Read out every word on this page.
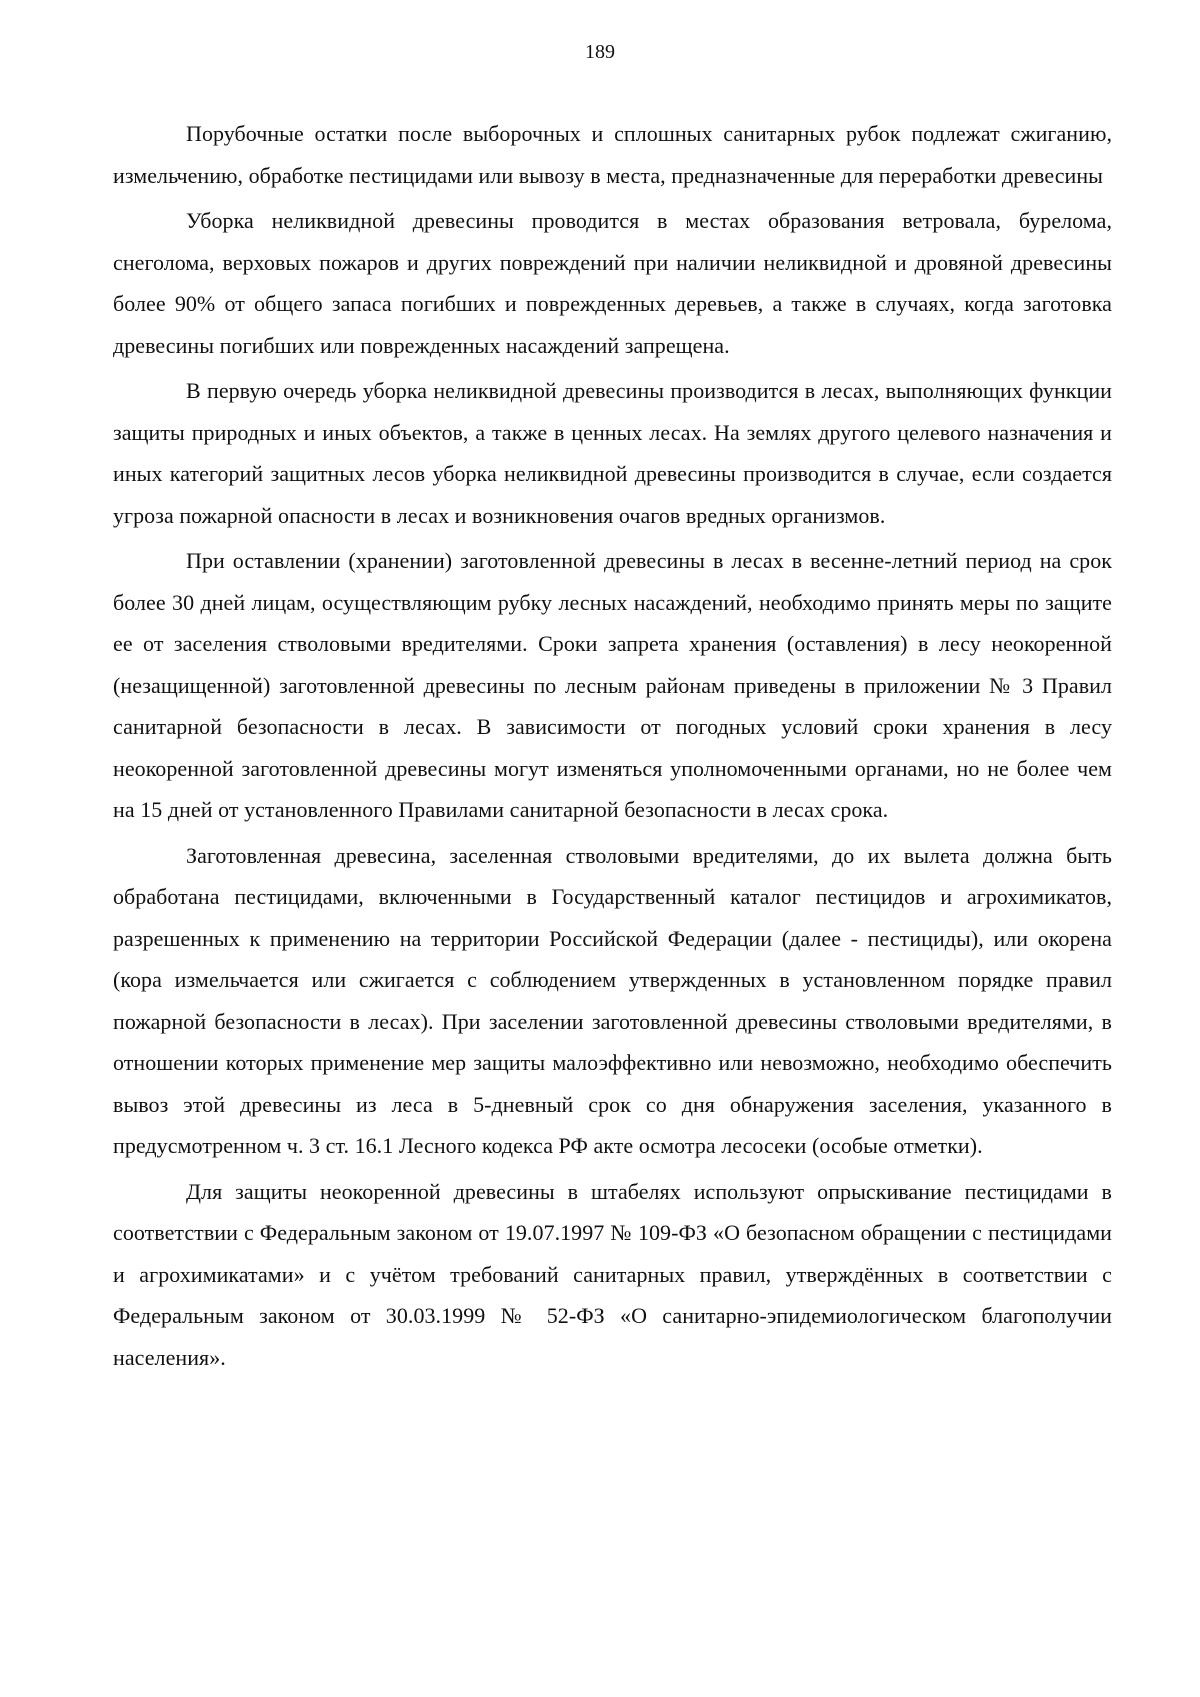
189

Порубочные остатки после выборочных и сплошных санитарных рубок подлежат сжиганию, измельчению, обработке пестицидами или вывозу в места, предназначенные для переработки древесины

Уборка неликвидной древесины проводится в местах образования ветровала, бурелома, снеголома, верховых пожаров и других повреждений при наличии неликвидной и дровяной древесины более 90% от общего запаса погибших и поврежденных деревьев, а также в случаях, когда заготовка древесины погибших или поврежденных насаждений запрещена.

В первую очередь уборка неликвидной древесины производится в лесах, выполняющих функции защиты природных и иных объектов, а также в ценных лесах. На землях другого целевого назначения и иных категорий защитных лесов уборка неликвидной древесины производится в случае, если создается угроза пожарной опасности в лесах и возникновения очагов вредных организмов.

При оставлении (хранении) заготовленной древесины в лесах в весенне-летний период на срок более 30 дней лицам, осуществляющим рубку лесных насаждений, необходимо принять меры по защите ее от заселения стволовыми вредителями. Сроки запрета хранения (оставления) в лесу неокоренной (незащищенной) заготовленной древесины по лесным районам приведены в приложении № 3 Правил санитарной безопасности в лесах. В зависимости от погодных условий сроки хранения в лесу неокоренной заготовленной древесины могут изменяться уполномоченными органами, но не более чем на 15 дней от установленного Правилами санитарной безопасности в лесах срока.

Заготовленная древесина, заселенная стволовыми вредителями, до их вылета должна быть обработана пестицидами, включенными в Государственный каталог пестицидов и агрохимикатов, разрешенных к применению на территории Российской Федерации (далее - пестициды), или окорена (кора измельчается или сжигается с соблюдением утвержденных в установленном порядке правил пожарной безопасности в лесах). При заселении заготовленной древесины стволовыми вредителями, в отношении которых применение мер защиты малоэффективно или невозможно, необходимо обеспечить вывоз этой древесины из леса в 5-дневный срок со дня обнаружения заселения, указанного в предусмотренном ч. 3 ст. 16.1 Лесного кодекса РФ акте осмотра лесосеки (особые отметки).

Для защиты неокоренной древесины в штабелях используют опрыскивание пестицидами в соответствии с Федеральным законом от 19.07.1997 № 109-ФЗ «О безопасном обращении с пестицидами и агрохимикатами» и с учётом требований санитарных правил, утверждённых в соответствии с Федеральным законом от 30.03.1999 № 52-ФЗ «О санитарно-эпидемиологическом благополучии населения».
